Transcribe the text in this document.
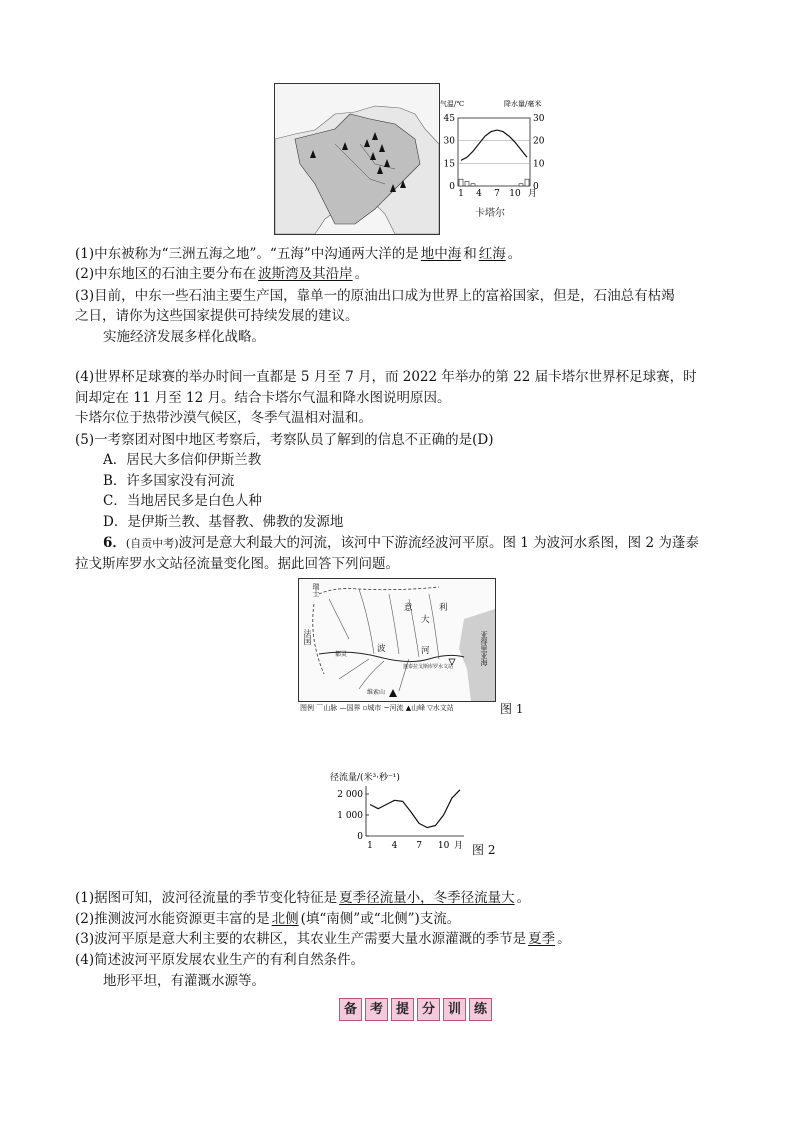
气温/℃	降水量/毫米
45	30
30	20
15	10
0	0
1 4 7 10 月
卡塔尔
(1)中东被称为“三洲五海之地”。“五海”中沟通两大洋的是 地中海 和 红海 。
(2)中东地区的石油主要分布在 波斯湾及其沿岸 。
(3)目前，中东一些石油主要生产国，靠单一的原油出口成为世界上的富裕国家，但是，石油总有枯竭
之日，请你为这些国家提供可持续发展的建议。
实施经济发展多样化战略。
(4)世界杯足球赛的举办时间一直都是 5 月至 7 月，而 2022 年举办的第 22 届卡塔尔世界杯足球赛，时
间却定在 11 月至 12 月。结合卡塔尔气温和降水图说明原因。
卡塔尔位于热带沙漠气候区，冬季气温相对温和。
(5)一考察团对图中地区考察后，考察队员了解到的信息不正确的是(D)
A．居民大多信仰伊斯兰教
B．许多国家没有河流
C．当地居民多是白色人种
D．是伊斯兰教、基督教、佛教的发源地
6．(自贡中考)波河是意大利最大的河流，该河中下游流经波河平原。图 1 为波河水系图，图 2 为蓬泰
拉戈斯库罗水文站径流量变化图。据此回答下列问题。
瑞士
法国
意
大
利
波	河	亚得里亚海
都灵
蓬泰拉戈斯库罗水文站
维索山
图例 ⌒山脉 —国界 ▫城市 ~河流 ▲山峰 ▽水文站	图 1
径流量/(米³·秒⁻¹)
2 000
1 000
0
1 4 7 10 月 图 2
(1)据图可知，波河径流量的季节变化特征是 夏季径流量小，冬季径流量大 。
(2)推测波河水能资源更丰富的是 北侧 (填“南侧”或“北侧”)支流。
(3)波河平原是意大利主要的农耕区，其农业生产需要大量水源灌溉的季节是 夏季 。
(4)简述波河平原发展农业生产的有利自然条件。
地形平坦，有灌溉水源等。
备 考 提 分 训 练
